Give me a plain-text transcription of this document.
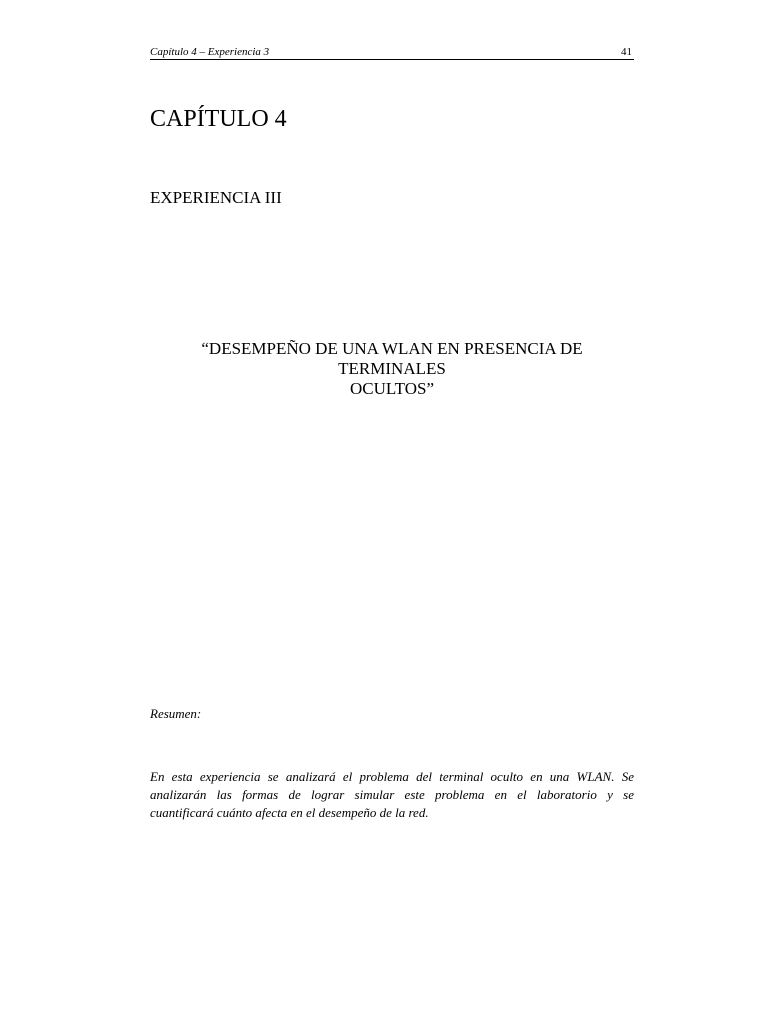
Capítulo 4 – Experiencia 3	41
CAPÍTULO 4
EXPERIENCIA III
“DESEMPEÑO DE UNA WLAN EN PRESENCIA DE TERMINALES
OCULTOS”

Resumen:

En esta experiencia se analizará el problema del terminal oculto en una WLAN. Se
analizarán las formas de lograr simular este problema en el laboratorio y se
cuantificará cuánto afecta en el desempeño de la red.
